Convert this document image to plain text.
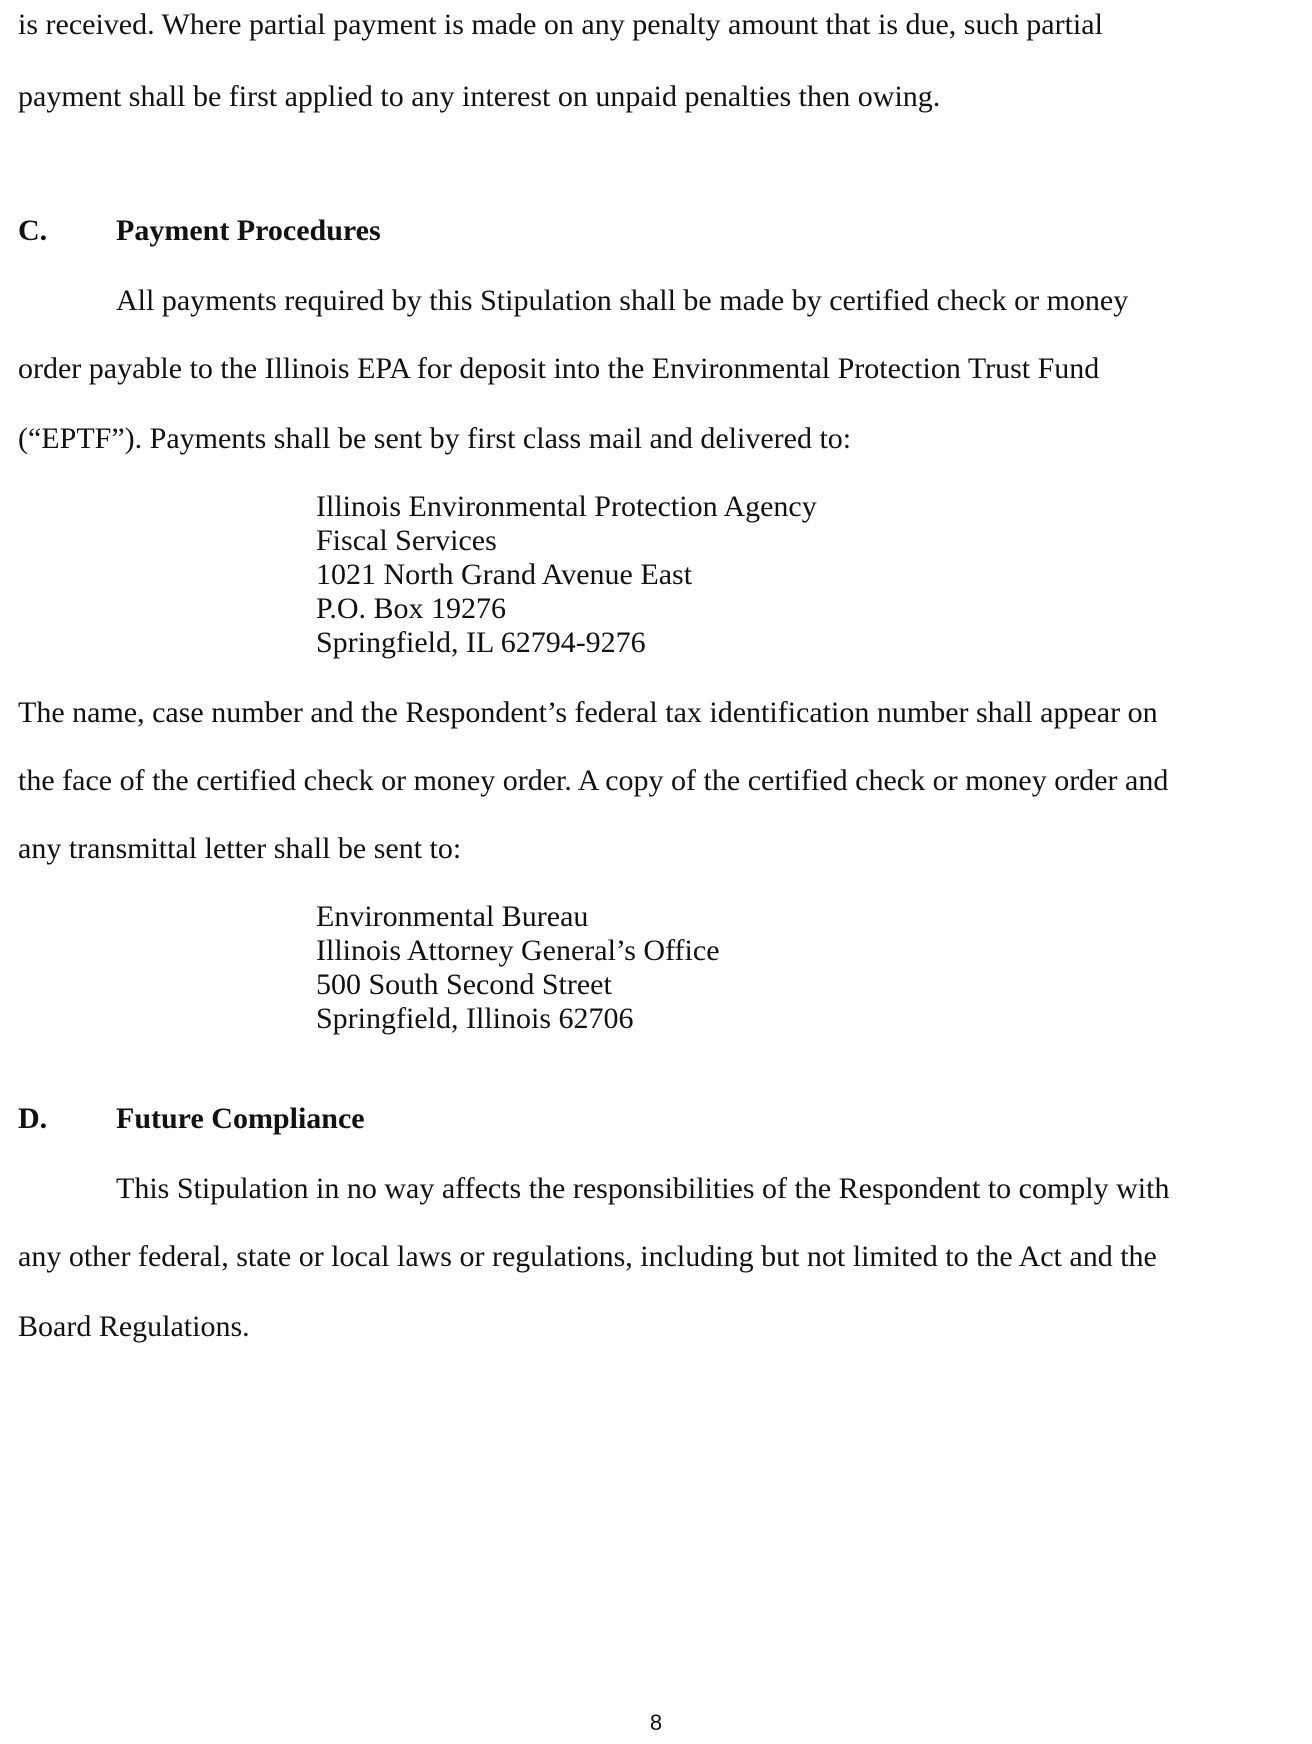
is received. Where partial payment is made on any penalty amount that is due, such partial
payment shall be first applied to any interest on unpaid penalties then owing.
C. Payment Procedures
All payments required by this Stipulation shall be made by certified check or money
order payable to the Illinois EPA for deposit into the Environmental Protection Trust Fund
(“EPTF”). Payments shall be sent by first class mail and delivered to:
Illinois Environmental Protection Agency
Fiscal Services
1021 North Grand Avenue East
P.O. Box 19276
Springfield, IL 62794-9276
The name, case number and the Respondent’s federal tax identification number shall appear on
the face of the certified check or money order. A copy of the certified check or money order and
any transmittal letter shall be sent to:
Environmental Bureau
Illinois Attorney General’s Office
500 South Second Street
Springfield, Illinois 62706
D. Future Compliance
This Stipulation in no way affects the responsibilities of the Respondent to comply with
any other federal, state or local laws or regulations, including but not limited to the Act and the
Board Regulations.
8
